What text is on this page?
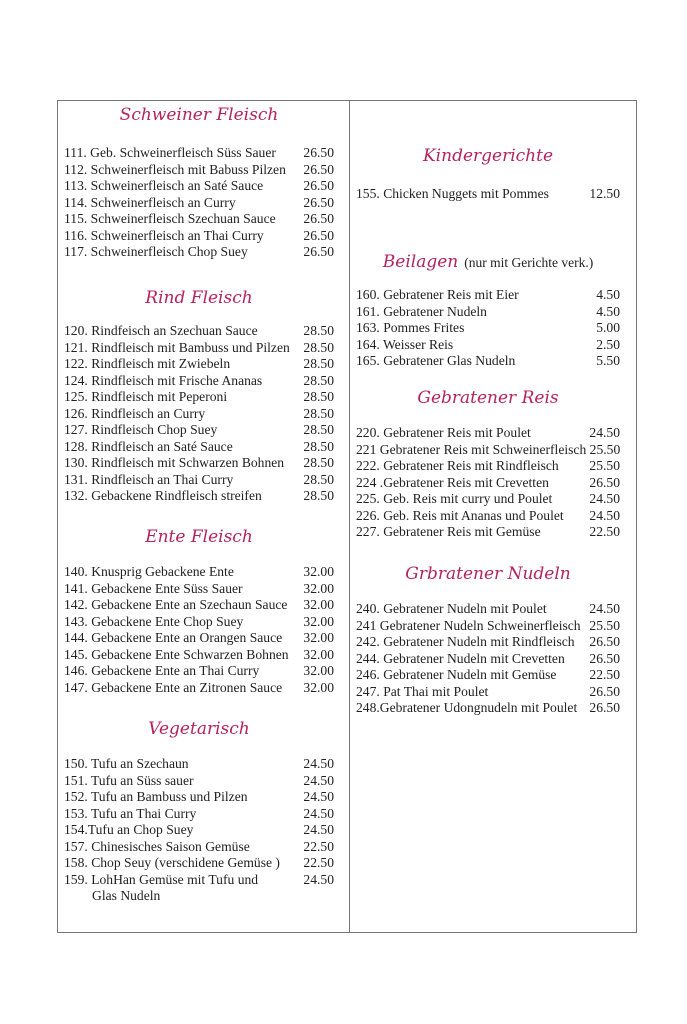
Schweiner Fleisch
111. Geb. Schweinerfleisch Süss Sauer 26.50
112. Schweinerfleisch mit Babuss Pilzen 26.50
113. Schweinerfleisch an Saté Sauce	26.50
114. Schweinerfleisch an Curry	26.50
115. Schweinerfleisch Szechuan Sauce 26.50
116. Schweinerfleisch an Thai Curry	26.50
117. Schweinerfleisch Chop Suey	26.50
Rind Fleisch
120. Rindfeisch an Szechuan Sauce	28.50
121. Rindfleisch mit Bambuss und Pilzen 28.50
122. Rindfleisch mit Zwiebeln	28.50
124. Rindfleisch mit Frische Ananas	28.50
125. Rindfleisch mit Peperoni	28.50
126. Rindfleisch an Curry	28.50
127. Rindfleisch Chop Suey	28.50
128. Rindfleisch an Saté Sauce	28.50
130. Rindfleisch mit Schwarzen Bohnen 28.50
131. Rindfleisch an Thai Curry	28.50
132. Gebackene Rindfleisch streifen	28.50
Ente Fleisch
140. Knusprig Gebackene Ente	32.00
141. Gebackene Ente Süss Sauer	32.00
142. Gebackene Ente an Szechaun Sauce 32.00
143. Gebackene Ente Chop Suey	32.00
144. Gebackene Ente an Orangen Sauce 32.00
145. Gebackene Ente Schwarzen Bohnen 32.00
146. Gebackene Ente an Thai Curry	32.00
147. Gebackene Ente an Zitronen Sauce 32.00
Vegetarisch
150. Tufu an Szechaun	24.50
151. Tufu an Süss sauer	24.50
152. Tufu an Bambuss und Pilzen	24.50
153. Tufu an Thai Curry	24.50
154.Tufu an Chop Suey	24.50
157. Chinesisches Saison Gemüse	22.50
158. Chop Seuy (verschidene Gemüse ) 22.50
159. LohHan Gemüse mit Tufu und	24.50
Glas Nudeln
Kindergerichte
155. Chicken Nuggets mit Pommes	12.50
Beilagen (nur mit Gerichte verk.)
160. Gebratener Reis mit Eier	4.50
161. Gebratener Nudeln	4.50
163. Pommes Frites	5.00
164. Weisser Reis	2.50
165. Gebratener Glas Nudeln	5.50
Gebratener Reis
220. Gebratener Reis mit Poulet	24.50
221 Gebratener Reis mit Schweinerfleisch 25.50
222. Gebratener Reis mit Rindfleisch 25.50
224 .Gebratener Reis mit Crevetten	26.50
225. Geb. Reis mit curry und Poulet	24.50
226. Geb. Reis mit Ananas und Poulet 24.50
227. Gebratener Reis mit Gemüse	22.50
Grbratener Nudeln
240. Gebratener Nudeln mit Poulet	24.50
241 Gebratener Nudeln Schweinerfleisch 25.50
242. Gebratener Nudeln mit Rindfleisch 26.50
244. Gebratener Nudeln mit Crevetten 26.50
246. Gebratener Nudeln mit Gemüse 22.50
247. Pat Thai mit Poulet	26.50
248.Gebratener Udongnudeln mit Poulet 26.50
